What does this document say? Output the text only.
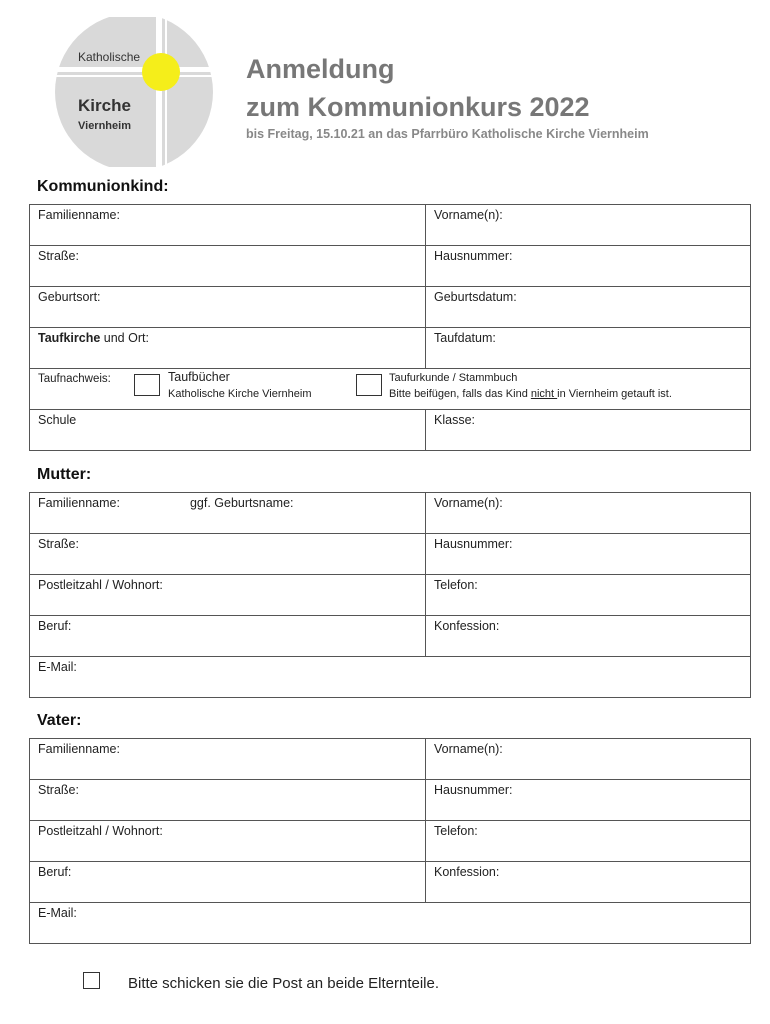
Katholische
Kirche
Viernheim
Anmeldung
zum Kommunionkurs 2022
bis Freitag, 15.10.21 an das Pfarrbüro Katholische Kirche Viernheim
Kommunionkind:
Familienname:	Vorname(n):
Straße:	Hausnummer:
Geburtsort:	Geburtsdatum:
Taufkirche und Ort:	Taufdatum:

Taufnachweis: Taufbücher
Katholische Kirche Viernheim
Taufurkunde / Stammbuch
Bitte beifügen, falls das Kind nicht in Viernheim getauft ist.	

Schule	Klasse:
Mutter:
Familienname: ggf. Geburtsname:	Vorname(n):
Straße:	Hausnummer:
Postleitzahl / Wohnort:	Telefon:
Beruf:	Konfession:
E-Mail:	
Vater:
Familienname:	Vorname(n):
Straße:	Hausnummer:
Postleitzahl / Wohnort:	Telefon:
Beruf:	Konfession:
E-Mail:	
Bitte schicken sie die Post an beide Elternteile.
